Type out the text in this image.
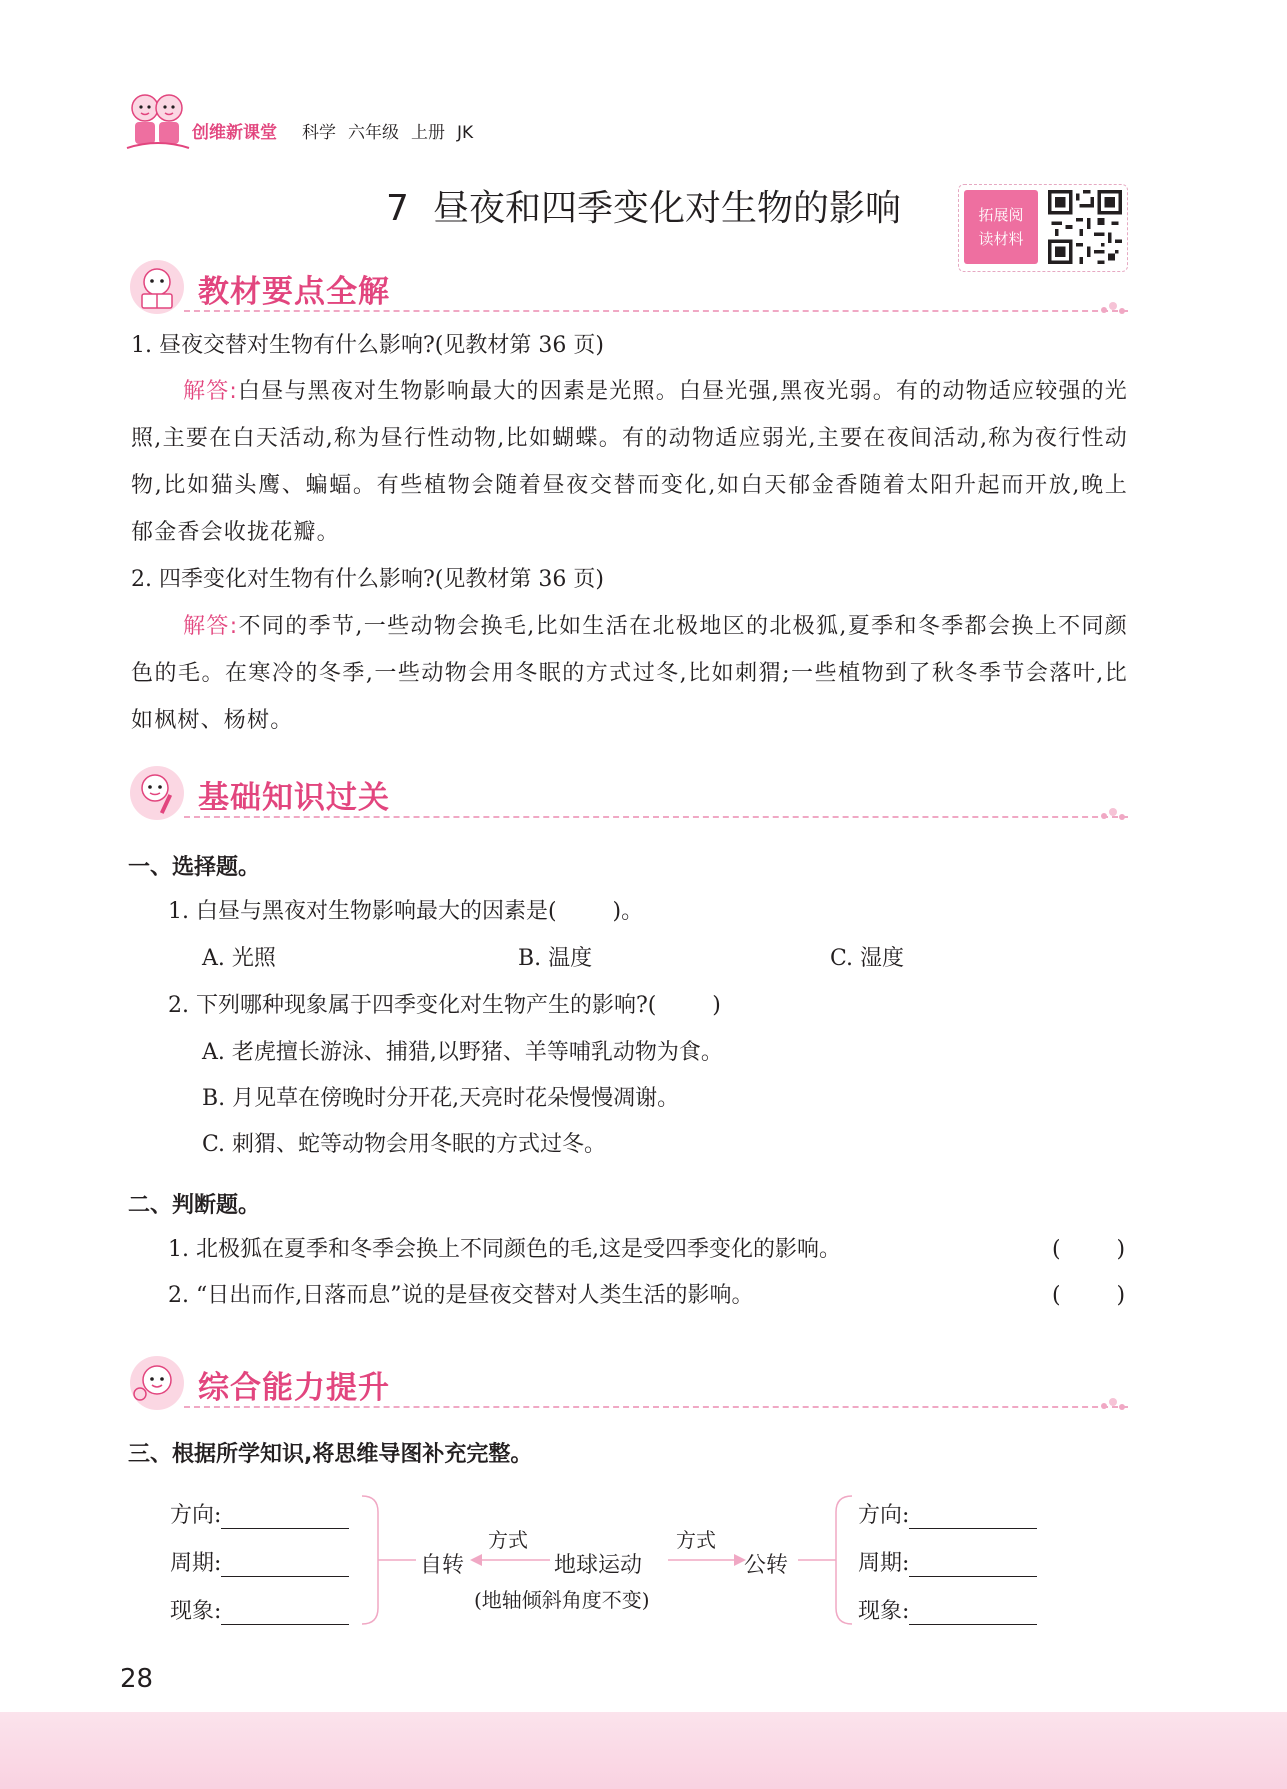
创维新课堂 科学 六年级 上册 JK
7 昼夜和四季变化对生物的影响	拓展阅读材料
教材要点全解
1. 昼夜交替对生物有什么影响?(见教材第 36 页)
解答:白昼与黑夜对生物影响最大的因素是光照。白昼光强,黑夜光弱。有的动物适应较强的光照,主要在白天活动,称为昼行性动物,比如蝴蝶。有的动物适应弱光,主要在夜间活动,称为夜行性动物,比如猫头鹰、蝙蝠。有些植物会随着昼夜交替而变化,如白天郁金香随着太阳升起而开放,晚上郁金香会收拢花瓣。
2. 四季变化对生物有什么影响?(见教材第 36 页)
解答:不同的季节,一些动物会换毛,比如生活在北极地区的北极狐,夏季和冬季都会换上不同颜色的毛。在寒冷的冬季,一些动物会用冬眠的方式过冬,比如刺猬;一些植物到了秋冬季节会落叶,比如枫树、杨树。
基础知识过关
一、选择题。
1. 白昼与黑夜对生物影响最大的因素是(        )。
A. 光照	B. 温度	C. 湿度
2. 下列哪种现象属于四季变化对生物产生的影响?(        )
A. 老虎擅长游泳、捕猎,以野猪、羊等哺乳动物为食。
B. 月见草在傍晚时分开花,天亮时花朵慢慢凋谢。
C. 刺猬、蛇等动物会用冬眠的方式过冬。
二、判断题。
1. 北极狐在夏季和冬季会换上不同颜色的毛,这是受四季变化的影响。	(        )
2. “日出而作,日落而息”说的是昼夜交替对人类生活的影响。	(        )
综合能力提升
三、根据所学知识,将思维导图补充完整。
方向:
周期:
现象:
自转
方式
地球运动
方式
公转
(地轴倾斜角度不变)
方向:
周期:
现象:
28
